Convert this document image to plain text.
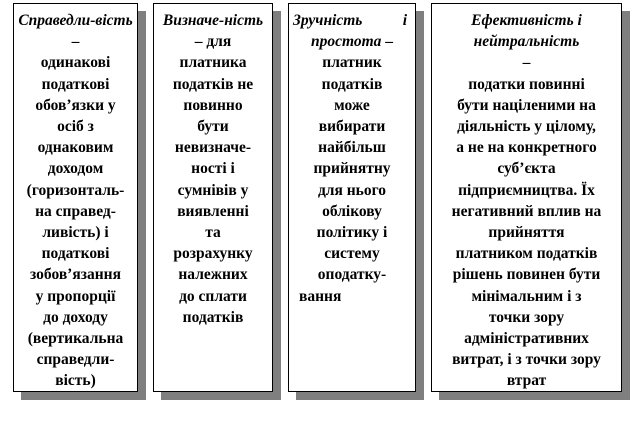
Справедли-вість
–
одинакові
податкові
обов’язки у
осіб з
однаковим
доходом
(горизонталь-
на справед-
ливість) і
податкові
зобов’язання
у пропорції
до доходу
(вертикальна
справедли-
вість)
Визначе-ність – для
платника
податків не
повинно
бути
невизначе-
ності і
сумнівів у
виявленні
та
розрахунку
належних
до сплати
податків
Зручність	і
простота –
платник
податків
може
вибирати
найбільш
прийнятну
для нього
облікову
політику і
систему
оподатку-
вання
Ефективність і нейтральність
–
податки повинні
бути націленими на
діяльність у цілому,
а не на конкретного
суб’єкта
підприємництва. Їх
негативний вплив на
прийняття
платником податків
рішень повинен бути
мінімальним і з
точки зору
адміністративних
витрат, і з точки зору
втрат
